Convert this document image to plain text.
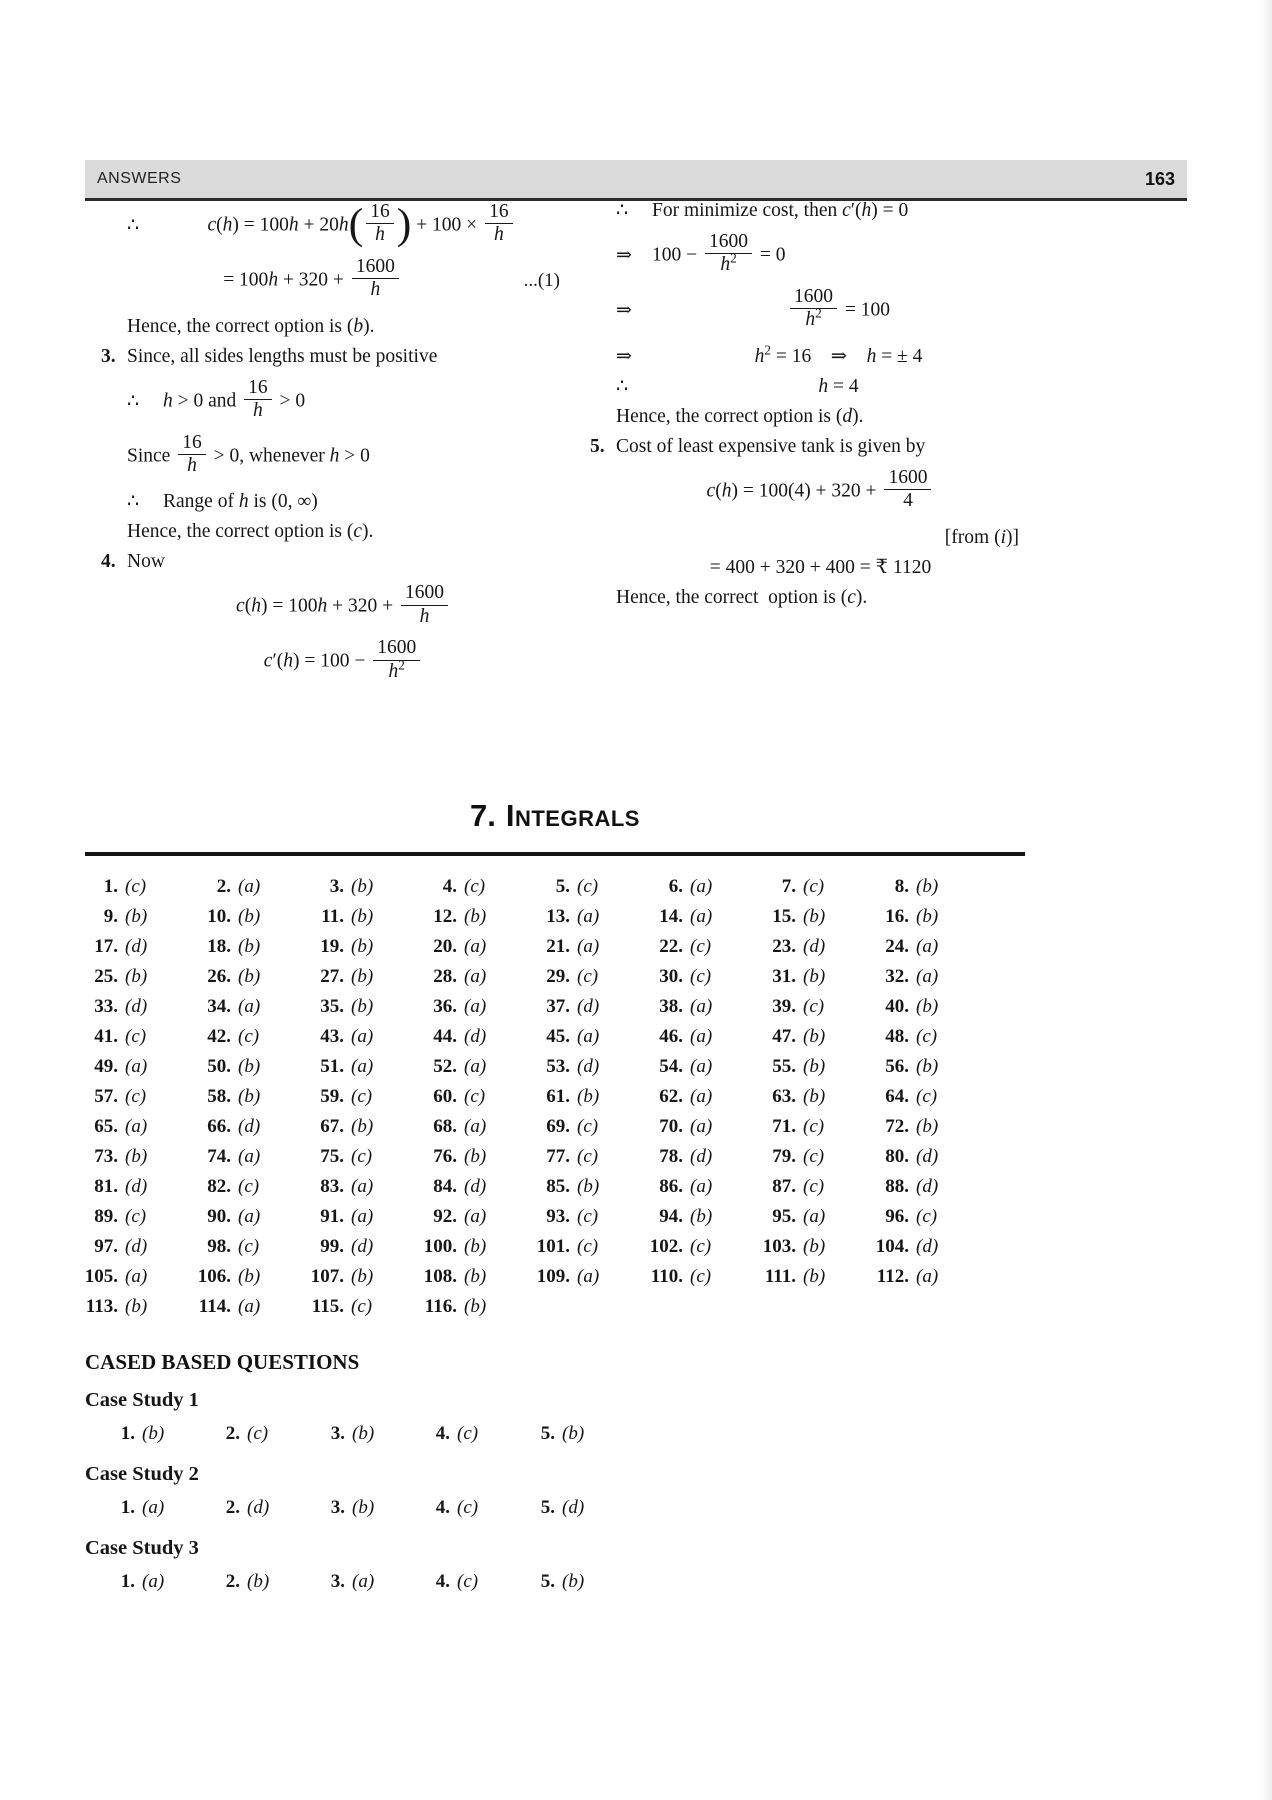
ANSWERS	163
∴	$c(h) = 100h + 20h( \frac{16}{h}$ ) + $100 \times \frac{16}{h}$
= $100h + 320 + \frac{1600}{h}$	...(1)
Hence, the correct option is (b).
3. Since, all sides lengths must be positive
∴	h > 0 and $\frac{16}{h} > 0$
Since $\frac{16}{h} > 0$, whenever h > 0
∴	Range of h is (0, ∞)
Hence, the correct option is (c).
4. Now
$c(h) = 100h + 320 + \frac{1600}{h}$
$c'(h) = 100 - \frac{1600}{h^2}$
∴	For minimize cost, then c′(h) = 0
⇒	$100 - \frac{1600}{h^2} = 0$
⇒	$\frac{1600}{h^2} = 100$
⇒	$h^2 = 16$ ⇒ h = ± 4
∴	h = 4
Hence, the correct option is (d).
5. Cost of least expensive tank is given by
$c(h) = 100(4) + 320 + \frac{1600}{4}$
[from (i)]
= 400 + 320 + 400 = ₹ 1120
Hence, the correct option is (c).
7. Integrals
1. (c)	2. (a)	3. (b)	4. (c)	5. (c)	6. (a)	7. (c)	8. (b)
9. (b)	10. (b)	11. (b)	12. (b)	13. (a)	14. (a)	15. (b)	16. (b)
17. (d)	18. (b)	19. (b)	20. (a)	21. (a)	22. (c)	23. (d)	24. (a)
25. (b)	26. (b)	27. (b)	28. (a)	29. (c)	30. (c)	31. (b)	32. (a)
33. (d)	34. (a)	35. (b)	36. (a)	37. (d)	38. (a)	39. (c)	40. (b)
41. (c)	42. (c)	43. (a)	44. (d)	45. (a)	46. (a)	47. (b)	48. (c)
49. (a)	50. (b)	51. (a)	52. (a)	53. (d)	54. (a)	55. (b)	56. (b)
57. (c)	58. (b)	59. (c)	60. (c)	61. (b)	62. (a)	63. (b)	64. (c)
65. (a)	66. (d)	67. (b)	68. (a)	69. (c)	70. (a)	71. (c)	72. (b)
73. (b)	74. (a)	75. (c)	76. (b)	77. (c)	78. (d)	79. (c)	80. (d)
81. (d)	82. (c)	83. (a)	84. (d)	85. (b)	86. (a)	87. (c)	88. (d)
89. (c)	90. (a)	91. (a)	92. (a)	93. (c)	94. (b)	95. (a)	96. (c)
97. (d)	98. (c)	99. (d)	100. (b)	101. (c)	102. (c)	103. (b)	104. (d)
105. (a)	106. (b)	107. (b)	108. (b)	109. (a)	110. (c)	111. (b)	112. (a)
113. (b)	114. (a)	115. (c)	116. (b)
CASED BASED QUESTIONS
Case Study 1
1. (b)	2. (c)	3. (b)	4. (c)	5. (b)
Case Study 2
1. (a)	2. (d)	3. (b)	4. (c)	5. (d)
Case Study 3
1. (a)	2. (b)	3. (a)	4. (c)	5. (b)
